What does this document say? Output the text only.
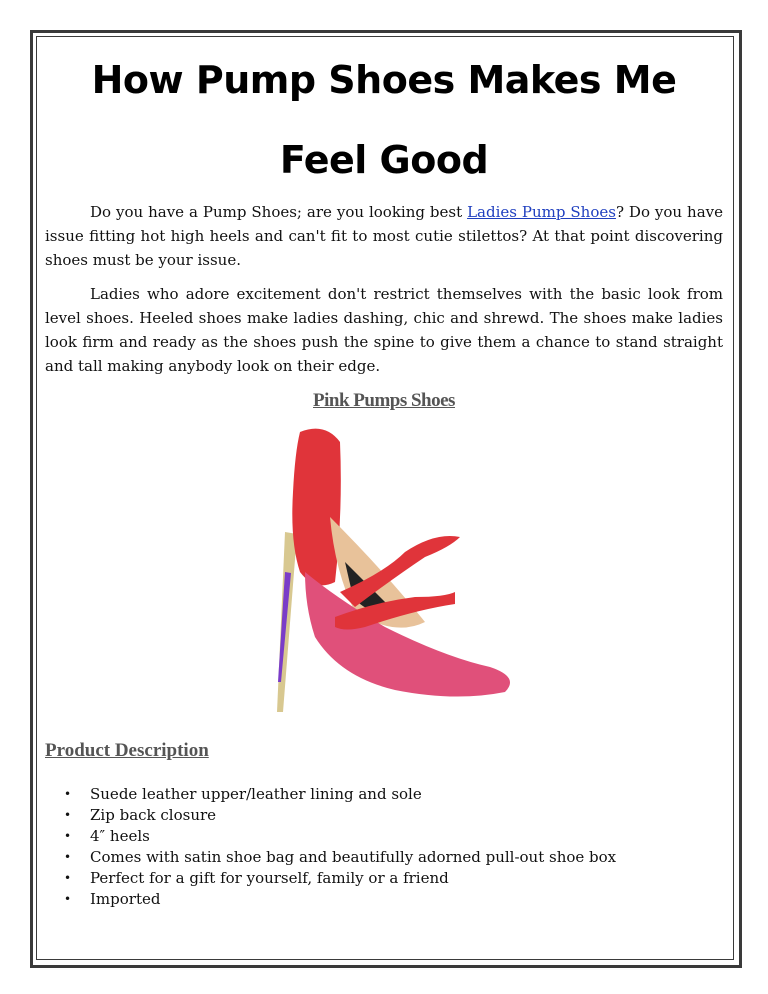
How Pump Shoes Makes Me
Feel Good

Do you have a Pump Shoes; are you looking best Ladies Pump Shoes? Do you have issue fitting hot high heels and can't fit to most cutie stilettos? At that point discovering shoes must be your issue.

Ladies who adore excitement don't restrict themselves with the basic look from level shoes. Heeled shoes make ladies dashing, chic and shrewd. The shoes make ladies look firm and ready as the shoes push the spine to give them a chance to stand straight and tall making anybody look on their edge.

Pink Pumps Shoes
Product Description
• Suede leather upper/leather lining and sole
• Zip back closure
• 4″ heels
• Comes with satin shoe bag and beautifully adorned pull-out shoe box
• Perfect for a gift for yourself, family or a friend
• Imported
